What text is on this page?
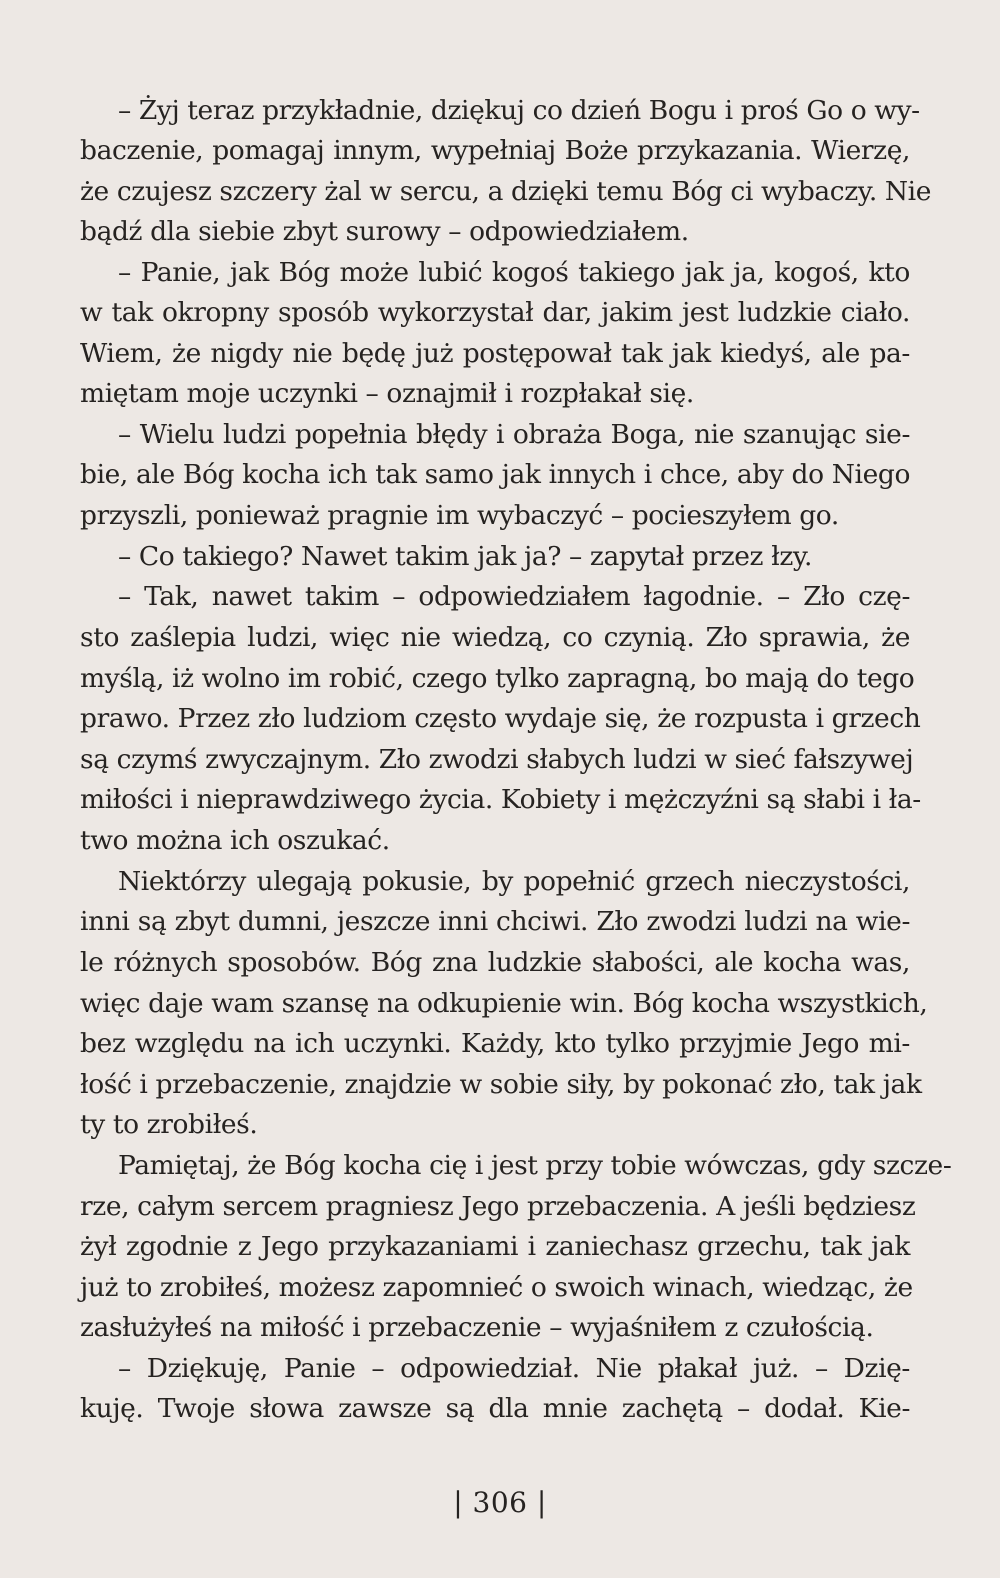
– Żyj teraz przykładnie, dziękuj co dzień Bogu i proś Go o wy-
baczenie, pomagaj innym, wypełniaj Boże przykazania. Wierzę,
że czujesz szczery żal w sercu, a dzięki temu Bóg ci wybaczy. Nie
bądź dla siebie zbyt surowy – odpowiedziałem.
– Panie, jak Bóg może lubić kogoś takiego jak ja, kogoś, kto
w tak okropny sposób wykorzystał dar, jakim jest ludzkie ciało.
Wiem, że nigdy nie będę już postępował tak jak kiedyś, ale pa-
miętam moje uczynki – oznajmił i rozpłakał się.
– Wielu ludzi popełnia błędy i obraża Boga, nie szanując sie-
bie, ale Bóg kocha ich tak samo jak innych i chce, aby do Niego
przyszli, ponieważ pragnie im wybaczyć – pocieszyłem go.
– Co takiego? Nawet takim jak ja? – zapytał przez łzy.
– Tak, nawet takim – odpowiedziałem łagodnie. – Zło czę-
sto zaślepia ludzi, więc nie wiedzą, co czynią. Zło sprawia, że
myślą, iż wolno im robić, czego tylko zapragną, bo mają do tego
prawo. Przez zło ludziom często wydaje się, że rozpusta i grzech
są czymś zwyczajnym. Zło zwodzi słabych ludzi w sieć fałszywej
miłości i nieprawdziwego życia. Kobiety i mężczyźni są słabi i ła-
two można ich oszukać.
Niektórzy ulegają pokusie, by popełnić grzech nieczystości,
inni są zbyt dumni, jeszcze inni chciwi. Zło zwodzi ludzi na wie-
le różnych sposobów. Bóg zna ludzkie słabości, ale kocha was,
więc daje wam szansę na odkupienie win. Bóg kocha wszystkich,
bez względu na ich uczynki. Każdy, kto tylko przyjmie Jego mi-
łość i przebaczenie, znajdzie w sobie siły, by pokonać zło, tak jak
ty to zrobiłeś.
Pamiętaj, że Bóg kocha cię i jest przy tobie wówczas, gdy szcze-
rze, całym sercem pragniesz Jego przebaczenia. A jeśli będziesz
żył zgodnie z Jego przykazaniami i zaniechasz grzechu, tak jak
już to zrobiłeś, możesz zapomnieć o swoich winach, wiedząc, że
zasłużyłeś na miłość i przebaczenie – wyjaśniłem z czułością.
– Dziękuję, Panie – odpowiedział. Nie płakał już. – Dzię-
kuję. Twoje słowa zawsze są dla mnie zachętą – dodał. Kie-
| 306 |
